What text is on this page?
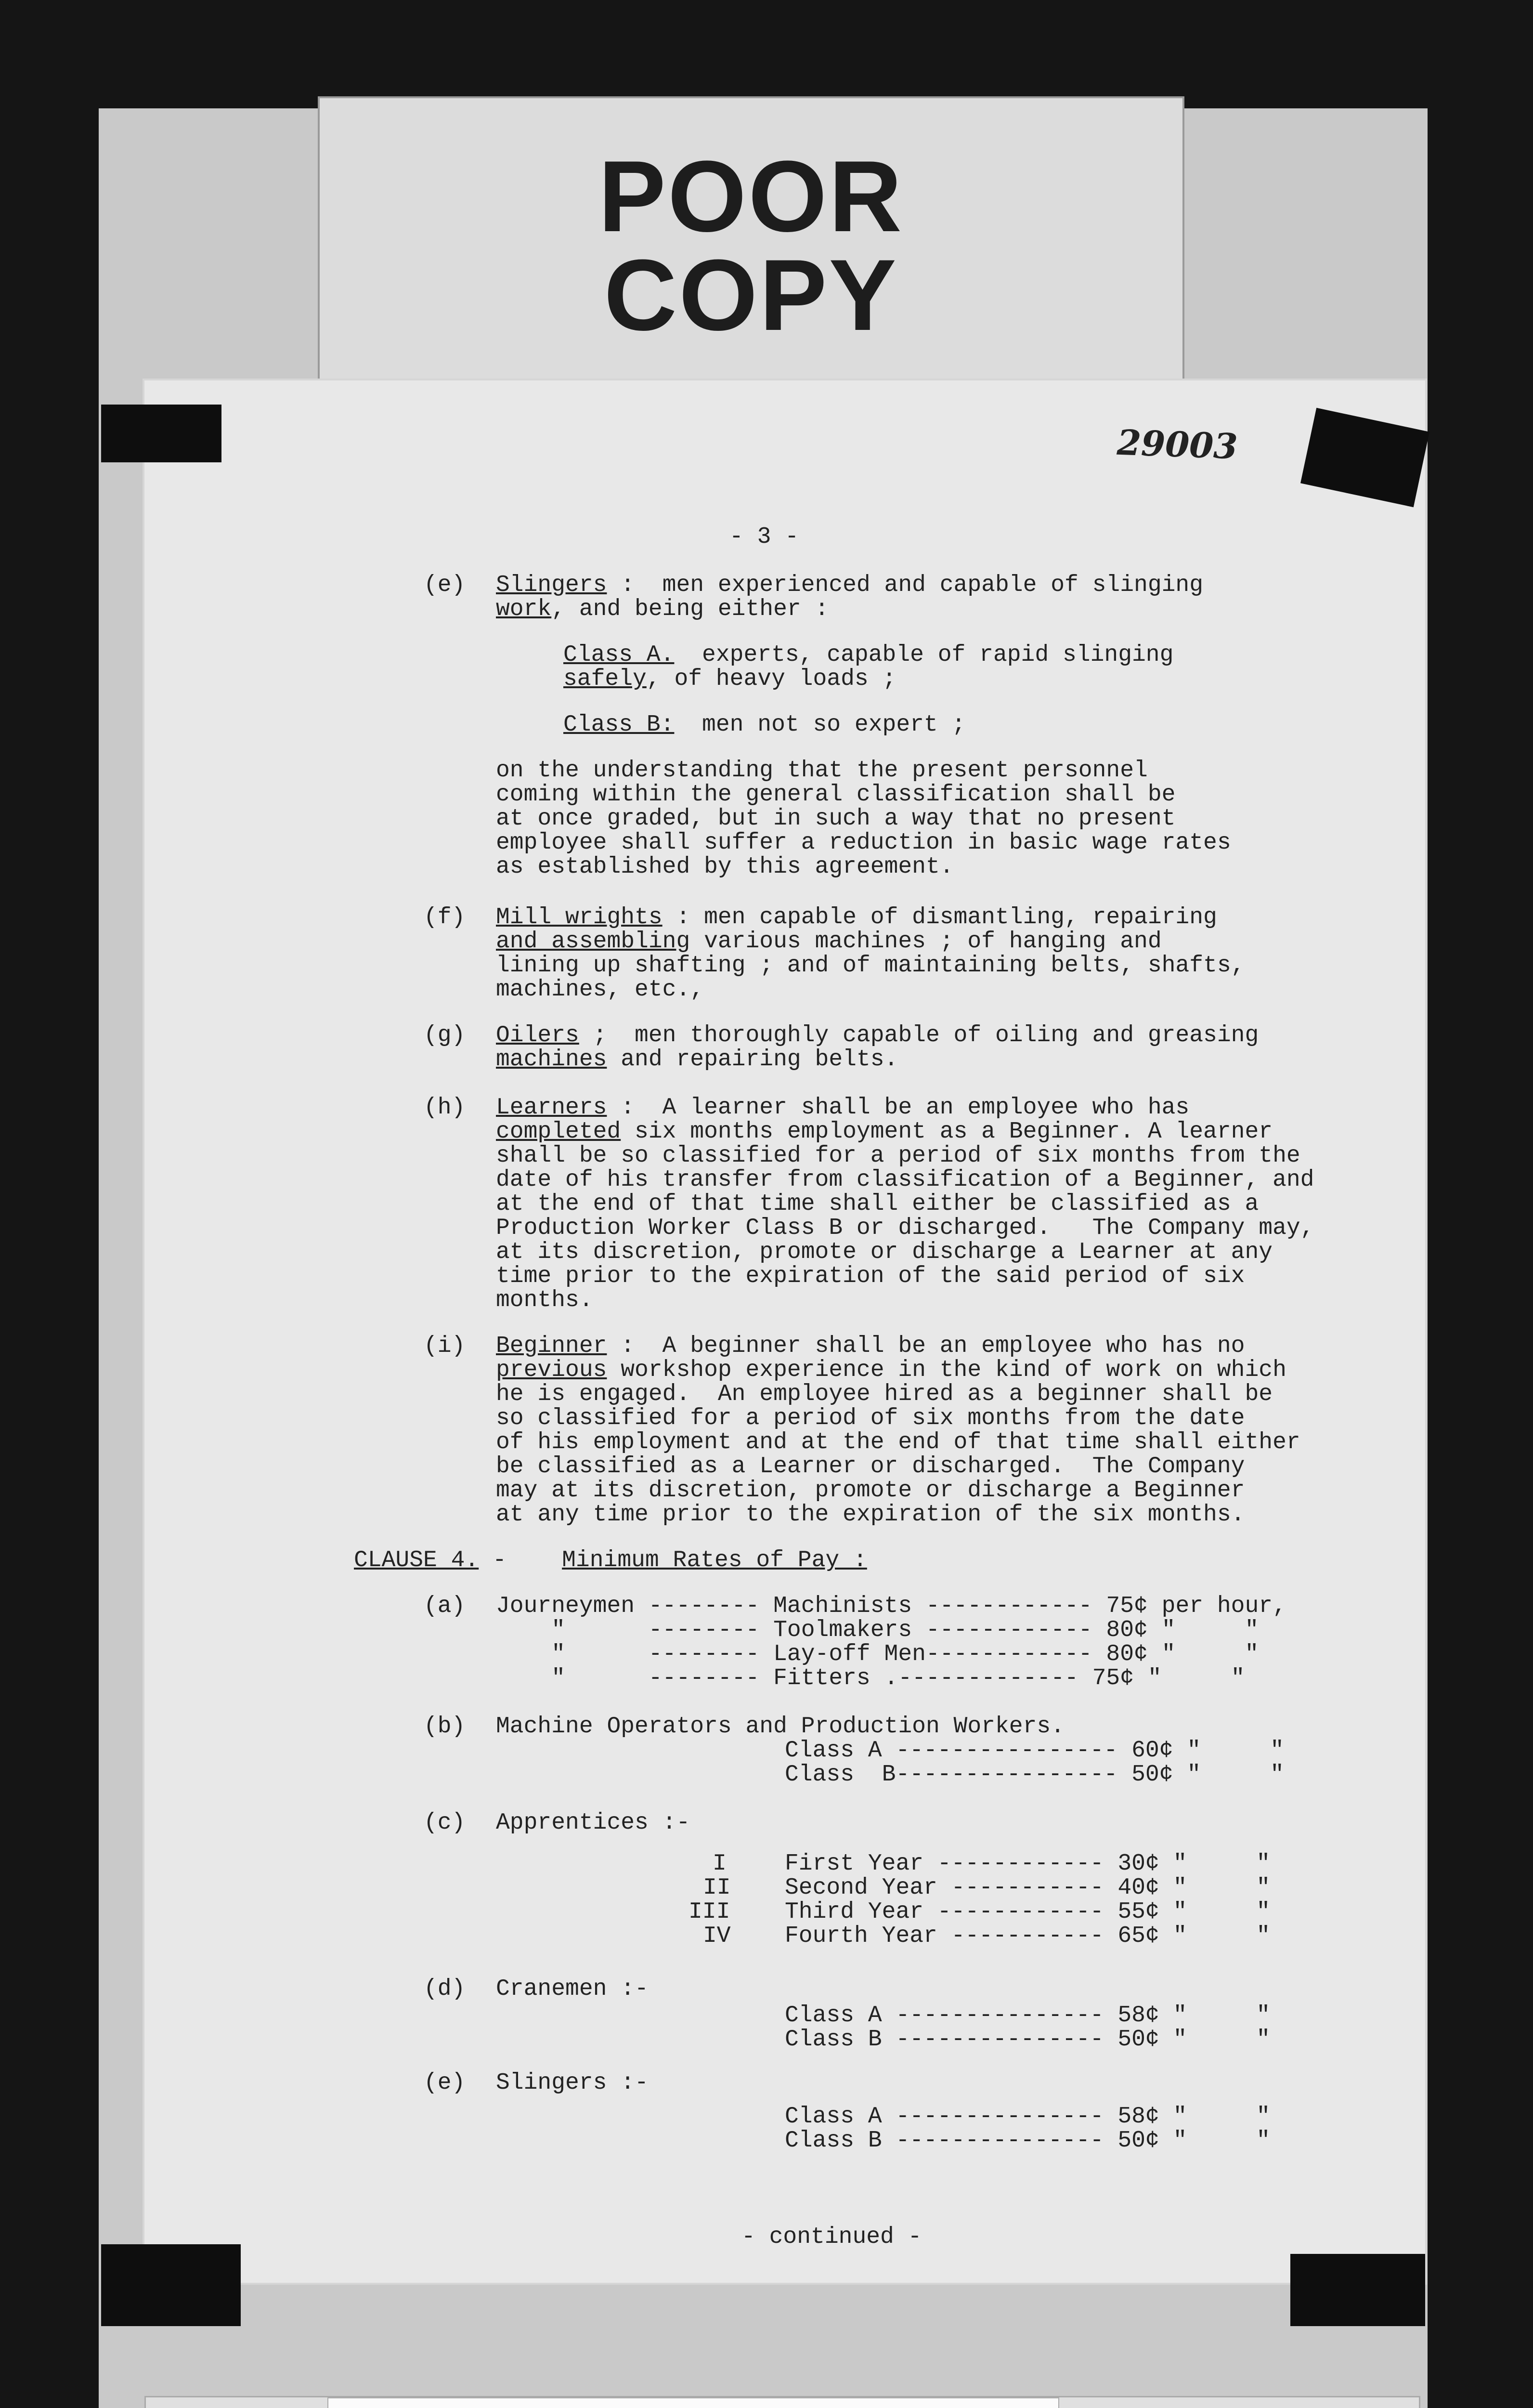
POOR
COPY
29003
- 3 -
(e) Slingers :  men experienced and capable of slinging
work, and being either :
Class A.  experts, capable of rapid slinging
safely, of heavy loads ;
Class B:  men not so expert ;
on the understanding that the present personnel
coming within the general classification shall be
at once graded, but in such a way that no present
employee shall suffer a reduction in basic wage rates
as established by this agreement.
(f) Mill wrights : men capable of dismantling, repairing
and assembling various machines ; of hanging and
lining up shafting ; and of maintaining belts, shafts,
machines, etc.,
(g) Oilers ;  men thoroughly capable of oiling and greasing
machines and repairing belts.
(h) Learners :  A learner shall be an employee who has
completed six months employment as a Beginner. A learner
shall be so classified for a period of six months from the
date of his transfer from classification of a Beginner, and
at the end of that time shall either be classified as a
Production Worker Class B or discharged.   The Company may,
at its discretion, promote or discharge a Learner at any
time prior to the expiration of the said period of six
months.
(i) Beginner :  A beginner shall be an employee who has no
previous workshop experience in the kind of work on which
he is engaged.  An employee hired as a beginner shall be
so classified for a period of six months from the date
of his employment and at the end of that time shall either
be classified as a Learner or discharged.  The Company
may at its discretion, promote or discharge a Beginner
at any time prior to the expiration of the six months.
CLAUSE 4. - Minimum Rates of Pay :
(a) Journeymen -------- Machinists ------------ 75¢ per hour,
"      -------- Toolmakers ------------ 80¢ "     "
"      -------- Lay-off Men------------ 80¢ "     "
"      -------- Fitters .------------- 75¢ "     "
(b) Machine Operators and Production Workers.
Class A ---------------- 60¢ "     "
Class  B---------------- 50¢ "     "
(c) Apprentices :-
I	First Year ------------ 30¢ "     "
II Second Year ----------- 40¢ "     "
III Third Year ------------ 55¢ "     "
IV Fourth Year ----------- 65¢ "     "
(d) Cranemen :-
Class A --------------- 58¢ "     "
Class B --------------- 50¢ "     "
(e) Slingers :-
Class A --------------- 58¢ "     "
Class B --------------- 50¢ "     "
- continued -
